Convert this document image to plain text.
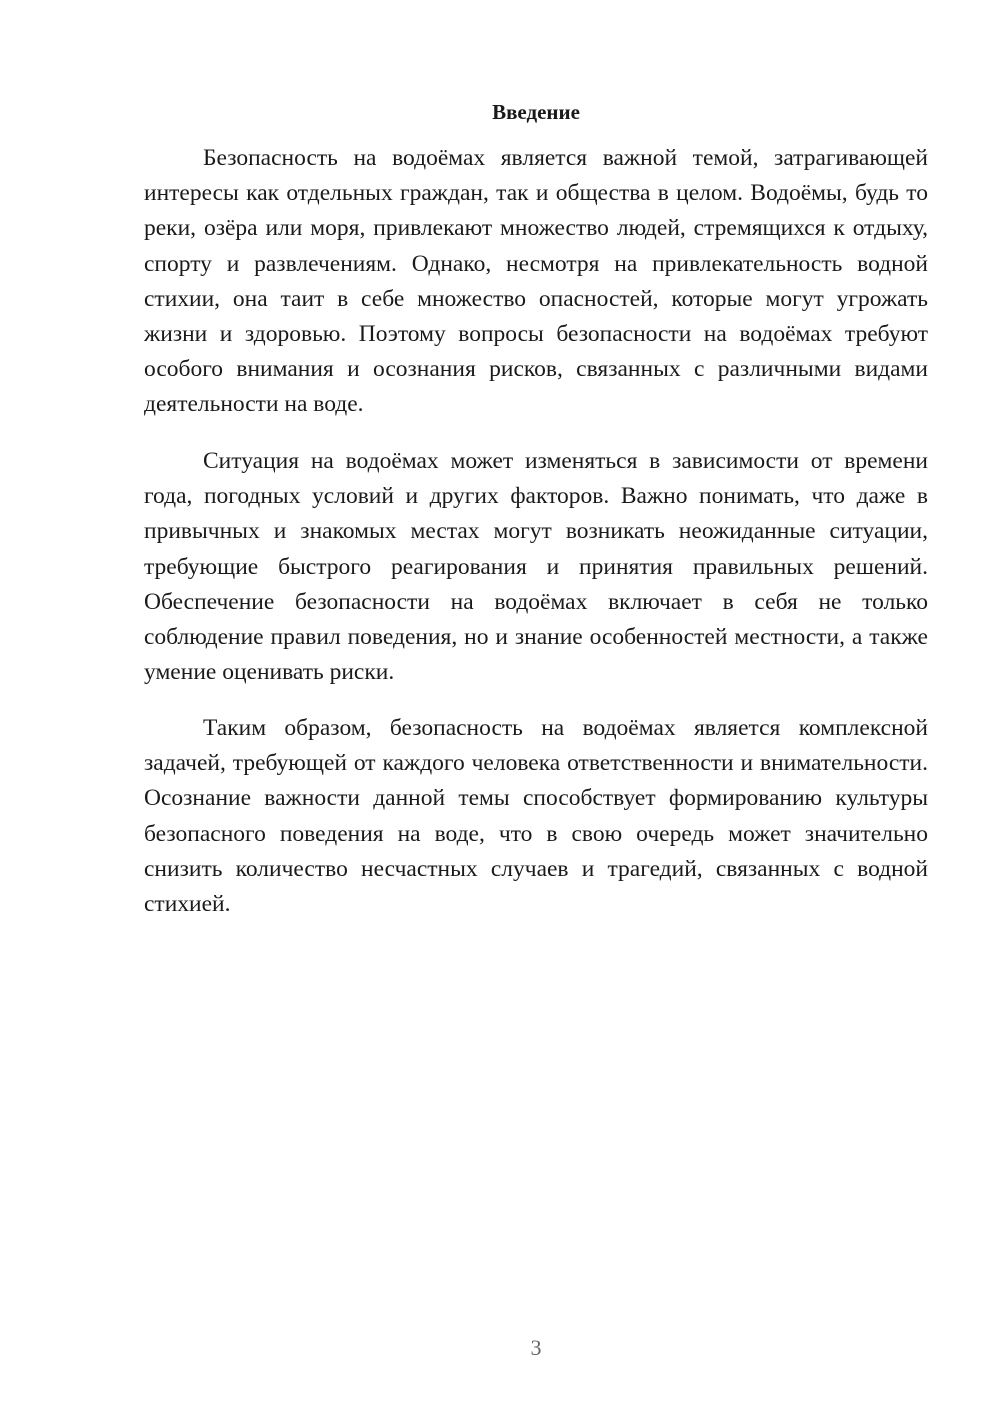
Введение

Безопасность на водоёмах является важной темой, затрагивающей интересы как отдельных граждан, так и общества в целом. Водоёмы, будь то реки, озёра или моря, привлекают множество людей, стремящихся к отдыху, спорту и развлечениям. Однако, несмотря на привлекательность водной стихии, она таит в себе множество опасностей, которые могут угрожать жизни и здоровью. Поэтому вопросы безопасности на водоёмах требуют особого внимания и осознания рисков, связанных с различными видами деятельности на воде.

Ситуация на водоёмах может изменяться в зависимости от времени года, погодных условий и других факторов. Важно понимать, что даже в привычных и знакомых местах могут возникать неожиданные ситуации, требующие быстрого реагирования и принятия правильных решений. Обеспечение безопасности на водоёмах включает в себя не только соблюдение правил поведения, но и знание особенностей местности, а также умение оценивать риски.

Таким образом, безопасность на водоёмах является комплексной задачей, требующей от каждого человека ответственности и внимательности. Осознание важности данной темы способствует формированию культуры безопасного поведения на воде, что в свою очередь может значительно снизить количество несчастных случаев и трагедий, связанных с водной стихией.

3
